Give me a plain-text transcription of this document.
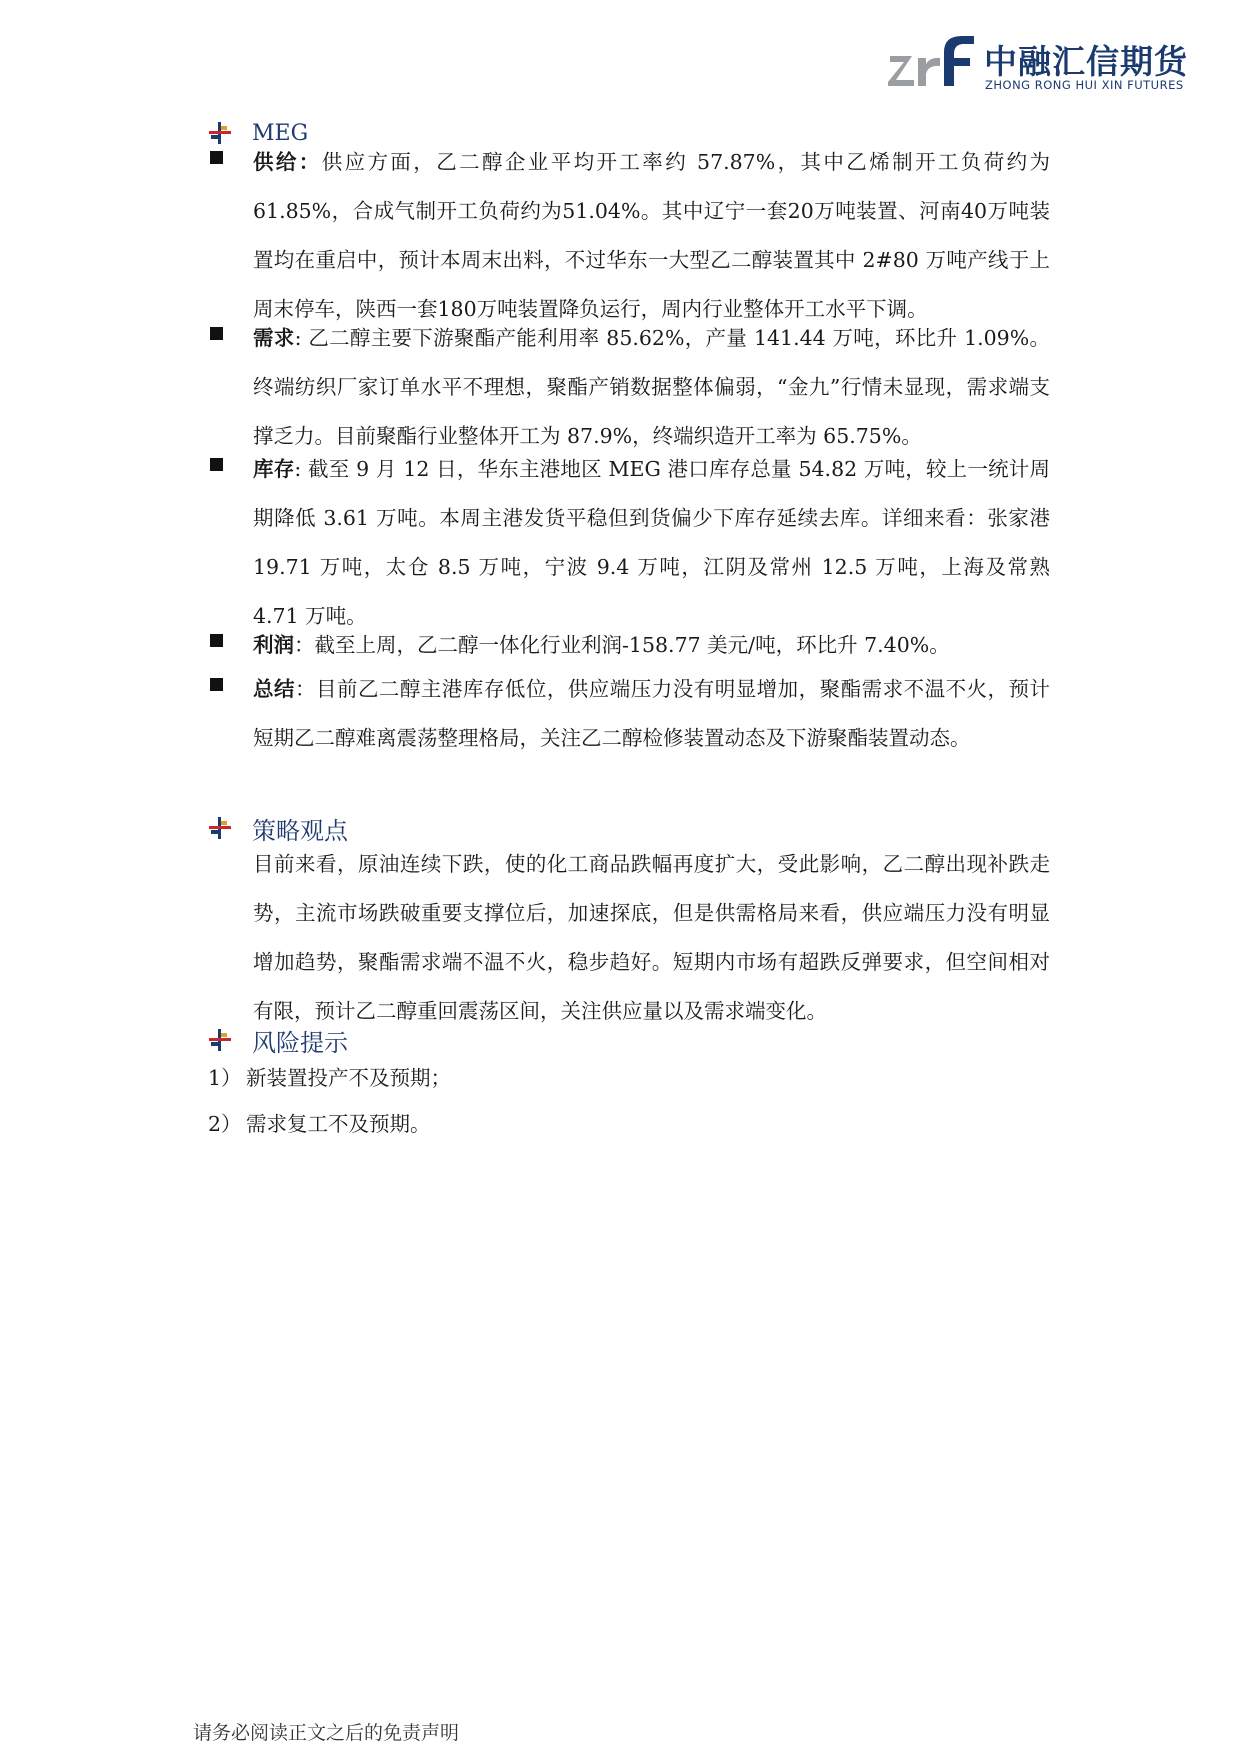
中融汇信期货
ZHONG RONG HUI XIN FUTURES
MEG
供给：供应方面，乙二醇企业平均开工率约 57.87%，其中乙烯制开工负荷约为61.85%，合成气制开工负荷约为51.04%。其中辽宁一套20万吨装置、河南40万吨装置均在重启中，预计本周末出料，不过华东一大型乙二醇装置其中 2#80 万吨产线于上周末停车，陕西一套180万吨装置降负运行，周内行业整体开工水平下调。
需求: 乙二醇主要下游聚酯产能利用率 85.62%，产量 141.44 万吨，环比升 1.09%。终端纺织厂家订单水平不理想，聚酯产销数据整体偏弱，“金九”行情未显现，需求端支撑乏力。目前聚酯行业整体开工为 87.9%，终端织造开工率为 65.75%。
库存: 截至 9 月 12 日，华东主港地区 MEG 港口库存总量 54.82 万吨，较上一统计周期降低 3.61 万吨。本周主港发货平稳但到货偏少下库存延续去库。详细来看：张家港 19.71 万吨，太仓 8.5 万吨，宁波 9.4 万吨，江阴及常州 12.5 万吨，上海及常熟 4.71 万吨。
利润：截至上周，乙二醇一体化行业利润-158.77 美元/吨，环比升 7.40%。
总结：目前乙二醇主港库存低位，供应端压力没有明显增加，聚酯需求不温不火，预计短期乙二醇难离震荡整理格局，关注乙二醇检修装置动态及下游聚酯装置动态。
策略观点
目前来看，原油连续下跌，使的化工商品跌幅再度扩大，受此影响，乙二醇出现补跌走势，主流市场跌破重要支撑位后，加速探底，但是供需格局来看，供应端压力没有明显增加趋势，聚酯需求端不温不火，稳步趋好。短期内市场有超跌反弹要求，但空间相对有限，预计乙二醇重回震荡区间，关注供应量以及需求端变化。
风险提示
1） 新装置投产不及预期；
2） 需求复工不及预期。
请务必阅读正文之后的免责声明
